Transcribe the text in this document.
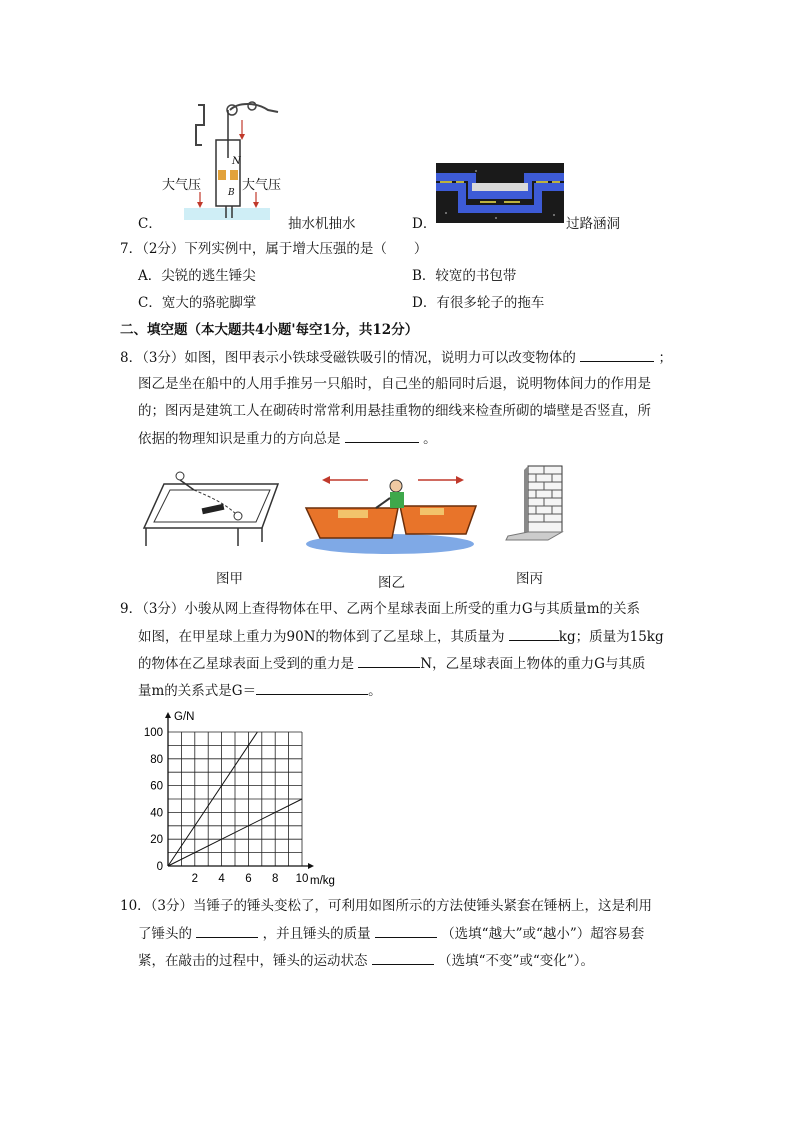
大气压	大气压
N
B
C．	抽水机抽水	D．	过路涵洞
7．（2分）下列实例中，属于增大压强的是（　　）
A．尖锐的逃生锤尖	B．较宽的书包带
C．宽大的骆驼脚掌	D．有很多轮子的拖车
二、填空题（本大题共4小题'每空1分，共12分）
8．（3分）如图，图甲表示小铁球受磁铁吸引的情况，说明力可以改变物体的	；
图乙是坐在船中的人用手推另一只船时，自己坐的船同时后退，说明物体间力的作用是
的；图丙是建筑工人在砌砖时常常利用悬挂重物的细线来检查所砌的墙壁是否竖直，所
依据的物理知识是重力的方向总是	。
图甲	图乙	图丙
9．（3分）小骏从网上查得物体在甲、乙两个星球表面上所受的重力G与其质量m的关系
如图，在甲星球上重力为90N的物体到了乙星球上，其质量为	kg；质量为15kg
的物体在乙星球表面上受到的重力是	N，乙星球表面上物体的重力G与其质
量m的关系式是G＝	。
0
20
40
60
80
100
2 4 6 8 10
G/N
m/kg
10．（3分）当锤子的锤头变松了，可利用如图所示的方法使锤头紧套在锤柄上，这是利用
了锤头的	，并且锤头的质量	（选填“越大”或“越小”）超容易套
紧，在敲击的过程中，锤头的运动状态	（选填“不变”或“变化”）。
